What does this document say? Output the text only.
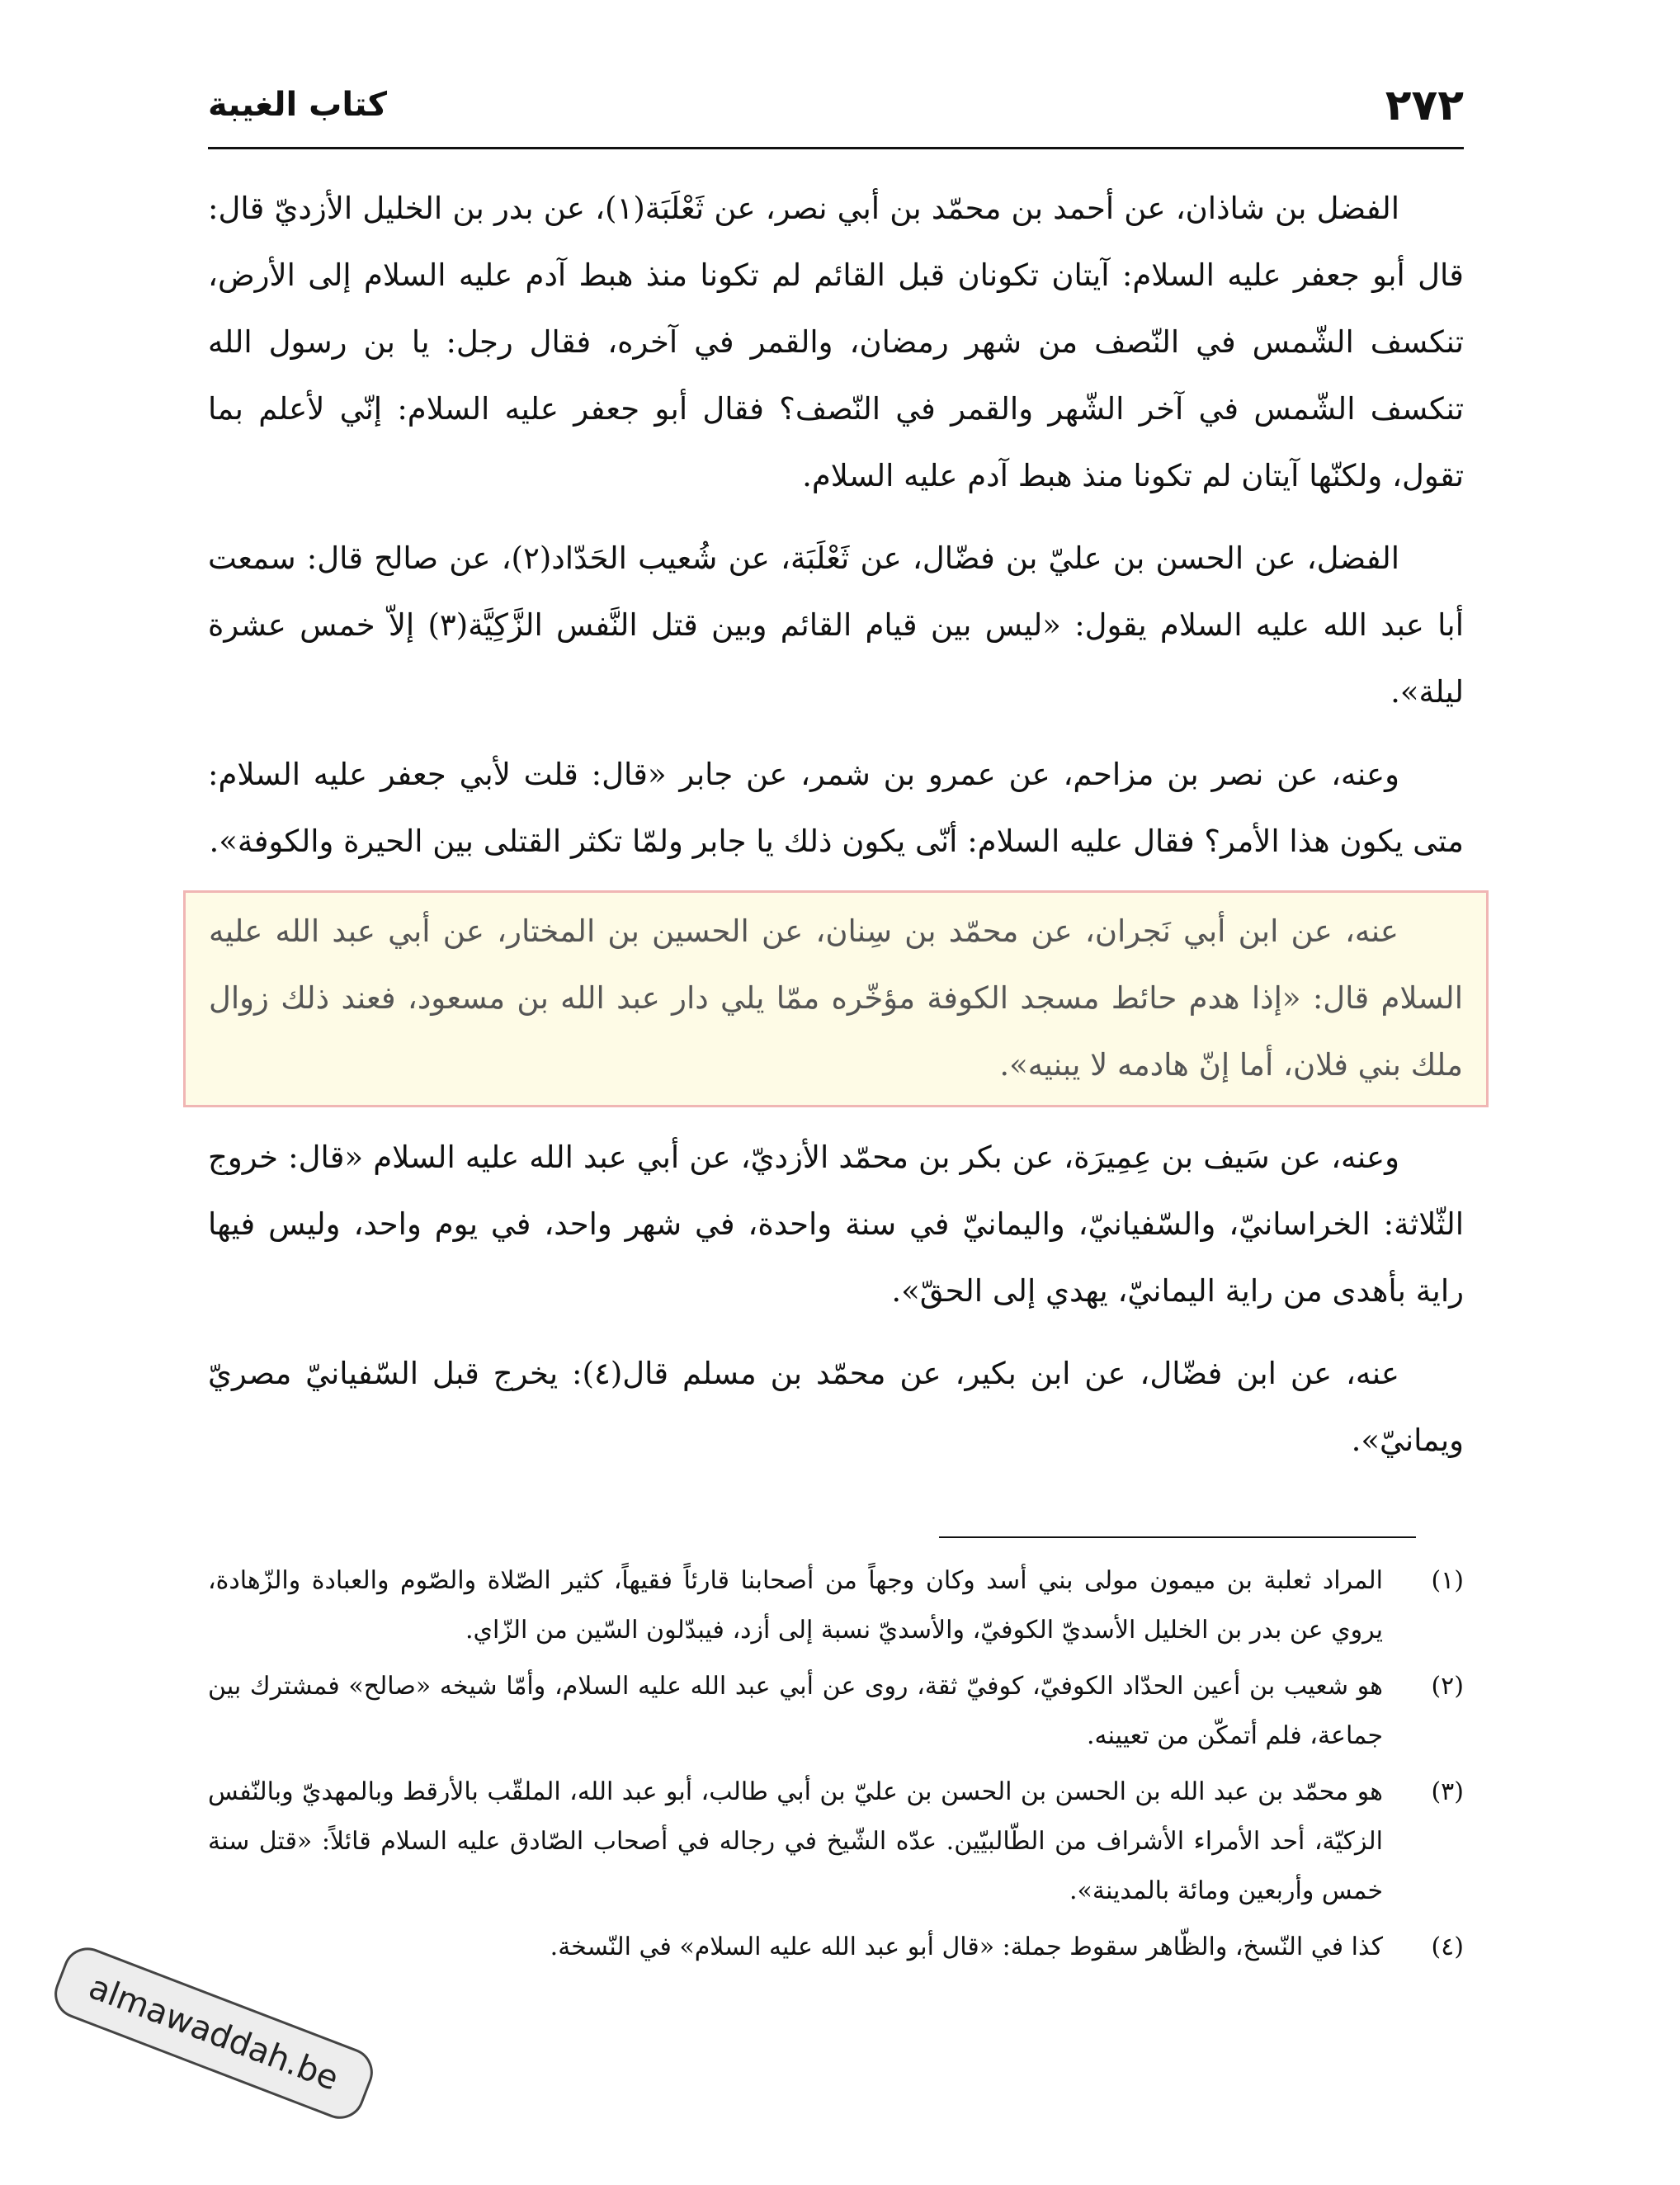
٢٧٢
كتاب الغيبة

الفضل بن شاذان، عن أحمد بن محمّد بن أبي نصر، عن ثَعْلَبَة(١)، عن بدر بن الخليل الأزديّ قال: قال أبو جعفر عليه السلام: آيتان تكونان قبل القائم لم تكونا منذ هبط آدم عليه السلام إلى الأرض، تنكسف الشّمس في النّصف من شهر رمضان، والقمر في آخره، فقال رجل: يا بن رسول الله تنكسف الشّمس في آخر الشّهر والقمر في النّصف؟ فقال أبو جعفر عليه السلام: إنّي لأعلم بما تقول، ولكنّها آيتان لم تكونا منذ هبط آدم عليه السلام.

الفضل، عن الحسن بن عليّ بن فضّال، عن ثَعْلَبَة، عن شُعيب الحَدّاد(٢)، عن صالح قال: سمعت أبا عبد الله عليه السلام يقول: «ليس بين قيام القائم وبين قتل النَّفس الزَّكِيَّة(٣) إلاّ خمس عشرة ليلة».

وعنه، عن نصر بن مزاحم، عن عمرو بن شمر، عن جابر «قال: قلت لأبي جعفر عليه السلام: متى يكون هذا الأمر؟ فقال عليه السلام: أنّى يكون ذلك يا جابر ولمّا تكثر القتلى بين الحيرة والكوفة».

عنه، عن ابن أبي نَجران، عن محمّد بن سِنان، عن الحسين بن المختار، عن أبي عبد الله عليه السلام قال: «إذا هدم حائط مسجد الكوفة مؤخّره ممّا يلي دار عبد الله بن مسعود، فعند ذلك زوال ملك بني فلان، أما إنّ هادمه لا يبنيه».

وعنه، عن سَيف بن عِمِيرَة، عن بكر بن محمّد الأزديّ، عن أبي عبد الله عليه السلام «قال: خروج الثّلاثة: الخراسانيّ، والسّفيانيّ، واليمانيّ في سنة واحدة، في شهر واحد، في يوم واحد، وليس فيها راية بأهدى من راية اليمانيّ، يهدي إلى الحقّ».

عنه، عن ابن فضّال، عن ابن بكير، عن محمّد بن مسلم قال(٤): يخرج قبل السّفيانيّ مصريّ ويمانيّ».

(١)
المراد ثعلبة بن ميمون مولى بني أسد وكان وجهاً من أصحابنا قارئاً فقيهاً، كثير الصّلاة والصّوم والعبادة والزّهادة، يروي عن بدر بن الخليل الأسديّ الكوفيّ، والأسديّ نسبة إلى أزد، فيبدّلون السّين من الزّاي.
(٢)
هو شعيب بن أعين الحدّاد الكوفيّ، كوفيّ ثقة، روى عن أبي عبد الله عليه السلام، وأمّا شيخه «صالح» فمشترك بين جماعة، فلم أتمكّن من تعيينه.
(٣)
هو محمّد بن عبد الله بن الحسن بن الحسن بن عليّ بن أبي طالب، أبو عبد الله، الملقّب بالأرقط وبالمهديّ وبالنّفس الزكيّة، أحد الأمراء الأشراف من الطّالبيّين. عدّه الشّيخ في رجاله في أصحاب الصّادق عليه السلام قائلاً: «قتل سنة خمس وأربعين ومائة بالمدينة».
(٤)
كذا في النّسخ، والظّاهر سقوط جملة: «قال أبو عبد الله عليه السلام» في النّسخة.
almawaddah.be
